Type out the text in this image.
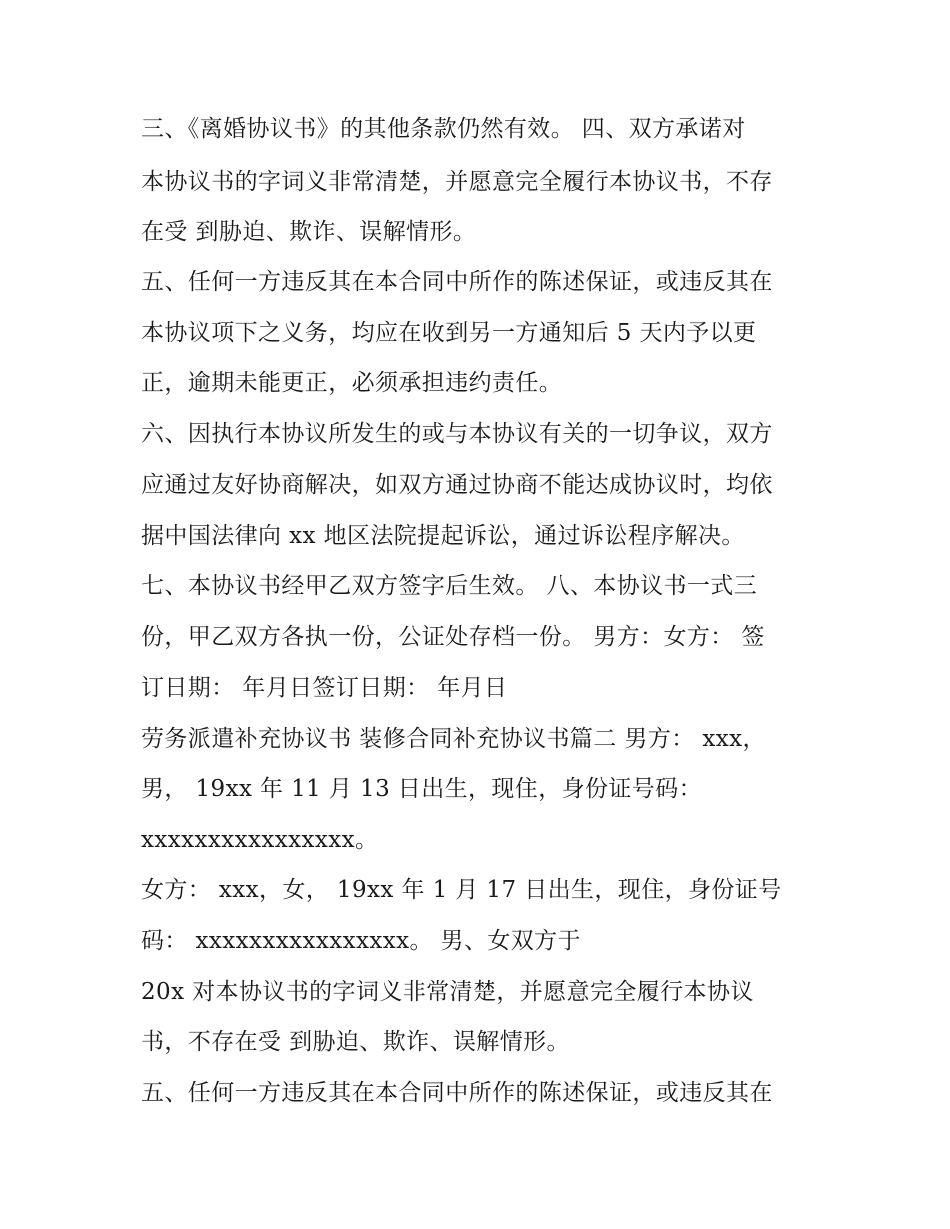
三、《离婚协议书》的其他条款仍然有效。 四、双方承诺对

本协议书的字词义非常清楚，并愿意完全履行本协议书，不存

在受 到胁迫、欺诈、误解情形。

五、任何一方违反其在本合同中所作的陈述保证，或违反其在

本协议项下之义务，均应在收到另一方通知后 5 天内予以更

正，逾期未能更正，必须承担违约责任。

六、因执行本协议所发生的或与本协议有关的一切争议，双方

应通过友好协商解决，如双方通过协商不能达成协议时，均依

据中国法律向 xx 地区法院提起诉讼，通过诉讼程序解决。

七、本协议书经甲乙双方签字后生效。 八、本协议书一式三

份，甲乙双方各执一份，公证处存档一份。 男方：女方： 签

订日期： 年月日签订日期： 年月日

劳务派遣补充协议书 装修合同补充协议书篇二 男方： xxx，

男， 19xx 年 11 月 13 日出生，现住，身份证号码：

xxxxxxxxxxxxxxxx。

女方： xxx，女， 19xx 年 1 月 17 日出生，现住，身份证号

码： xxxxxxxxxxxxxxxx。 男、女双方于

20x 对本协议书的字词义非常清楚，并愿意完全履行本协议

书，不存在受 到胁迫、欺诈、误解情形。

五、任何一方违反其在本合同中所作的陈述保证，或违反其在
